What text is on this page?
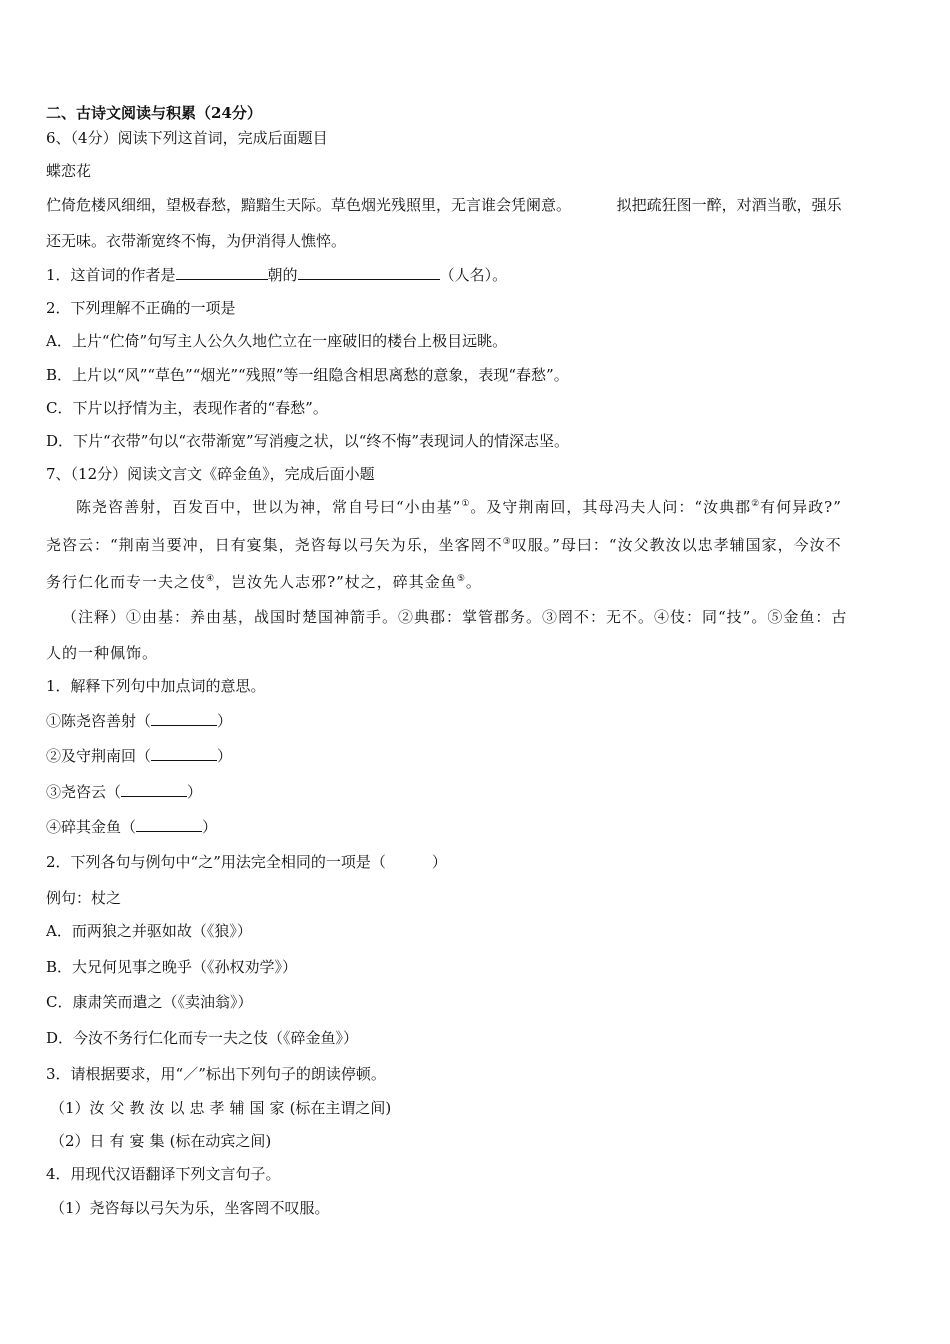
二、古诗文阅读与积累（24分）
6、（4分）阅读下列这首词，完成后面题目
蝶恋花
伫倚危楼风细细，望极春愁，黯黯生天际。草色烟光残照里，无言谁会凭阑意。	拟把疏狂图一醉，对酒当歌，强乐
还无味。衣带渐宽终不悔，为伊消得人憔悴。
1．这首词的作者是	朝的	（人名）。
2．下列理解不正确的一项是
A．上片“伫倚”句写主人公久久地伫立在一座破旧的楼台上极目远眺。
B．上片以“风”“草色”“烟光”“残照”等一组隐含相思离愁的意象，表现“春愁”。
C．下片以抒情为主，表现作者的“春愁”。
D．下片“衣带”句以“衣带渐宽”写消瘦之状，以“终不悔”表现词人的情深志坚。
7、（12分）阅读文言文《碎金鱼》，完成后面小题
陈尧咨善射，百发百中，世以为神，常自号曰“小由基”①。及守荆南回，其母冯夫人问：“汝典郡②有何异政?”
尧咨云：“荆南当要冲，日有宴集，尧咨每以弓矢为乐，坐客罔不③叹服。”母曰：“汝父教汝以忠孝辅国家，今汝不
务行仁化而专一夫之伎④，岂汝先人志邪?”杖之，碎其金鱼⑤。
（注释）①由基：养由基，战国时楚国神箭手。②典郡：掌管郡务。③罔不：无不。④伎：同“技”。⑤金鱼：古
人的一种佩饰。
1．解释下列句中加点词的意思。
①陈尧咨善射（	）
②及守荆南回（	）
③尧咨云（	）
④碎其金鱼（	）
2．下列各句与例句中“之”用法完全相同的一项是（	）
例句：杖之
A．而两狼之并驱如故（《狼》）
B．大兄何见事之晚乎（《孙权劝学》）
C．康肃笑而遣之（《卖油翁》）
D．今汝不务行仁化而专一夫之伎（《碎金鱼》）
3．请根据要求，用“／”标出下列句子的朗读停顿。
（1）汝父教汝以忠孝辅国家(标在主谓之间)
（2）日有宴集(标在动宾之间)
4．用现代汉语翻译下列文言句子。
（1）尧咨每以弓矢为乐，坐客罔不叹服。
